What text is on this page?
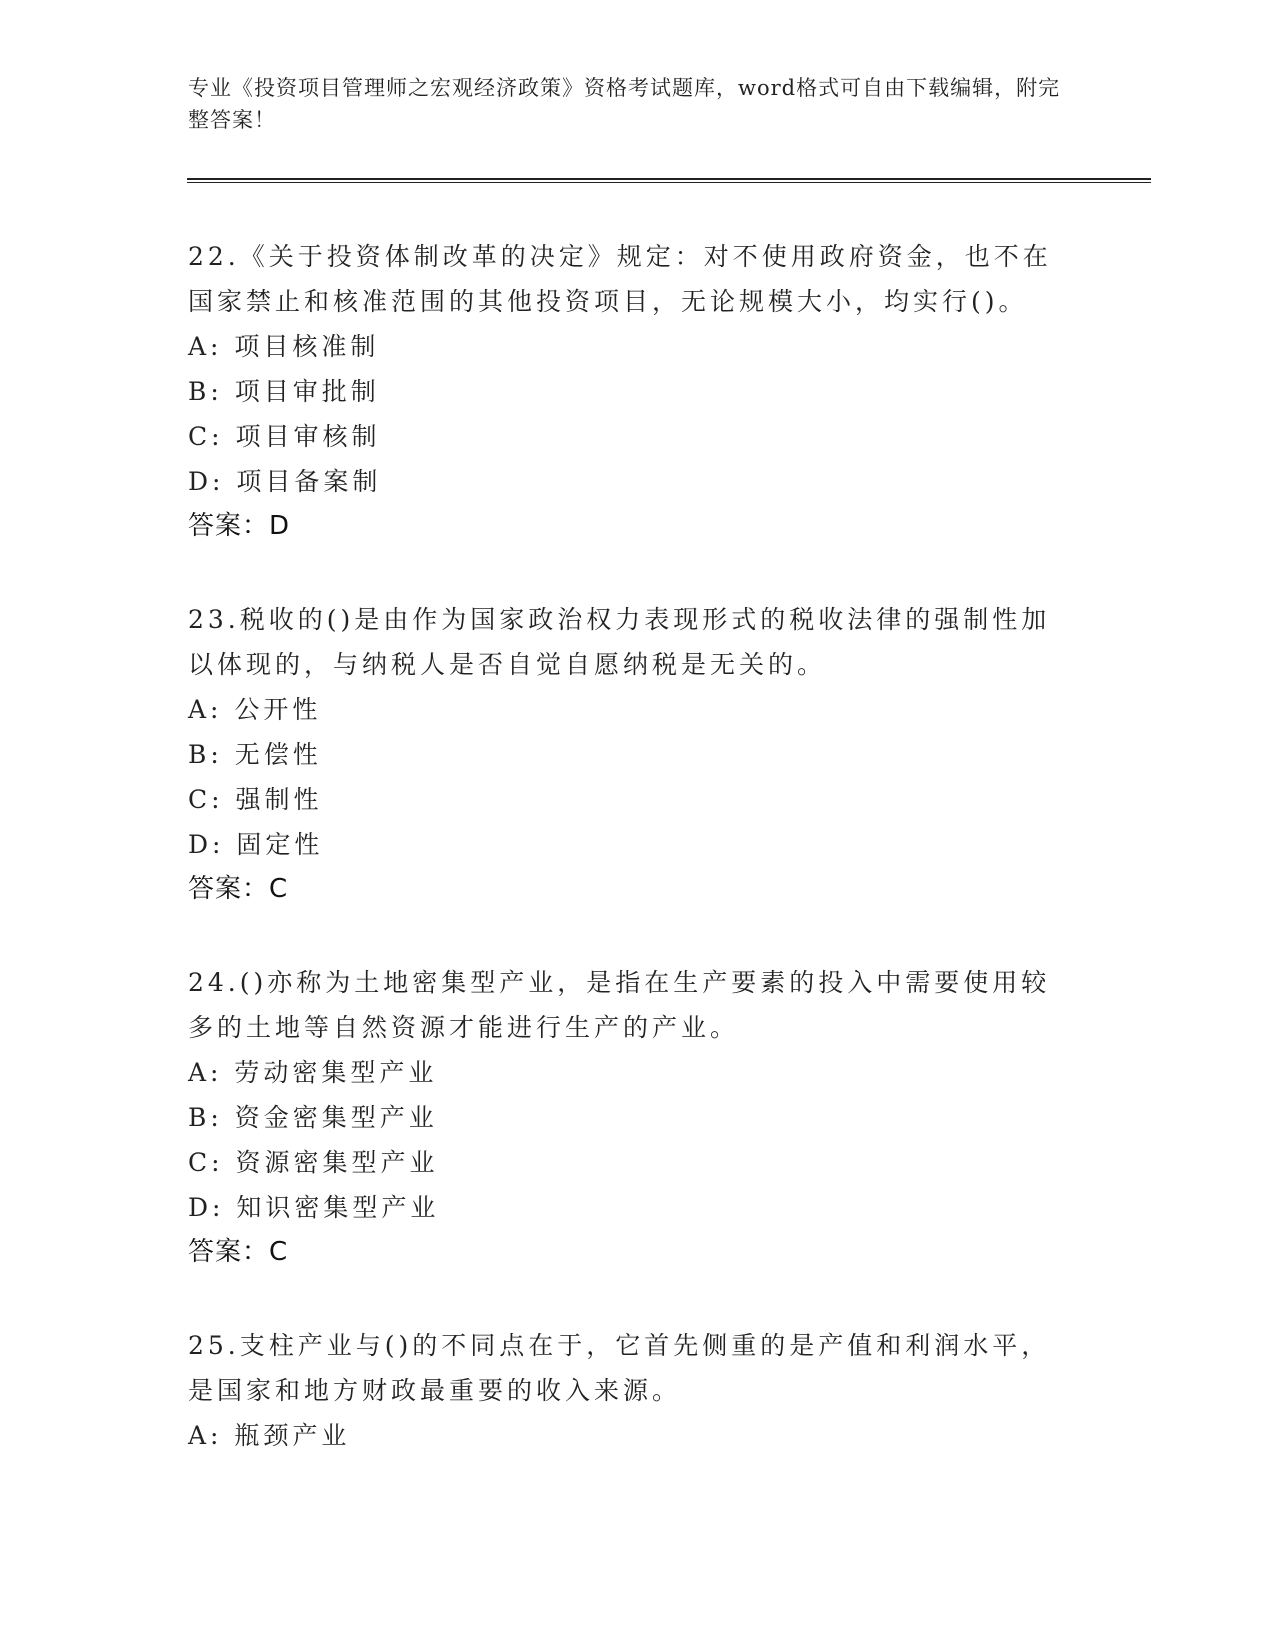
专业《投资项目管理师之宏观经济政策》资格考试题库，word格式可自由下载编辑，附完整答案！
22.《关于投资体制改革的决定》规定：对不使用政府资金，也不在国家禁止和核准范围的其他投资项目，无论规模大小，均实行()。
A: 项目核准制
B: 项目审批制
C: 项目审核制
D: 项目备案制
答案：D
23.税收的()是由作为国家政治权力表现形式的税收法律的强制性加以体现的，与纳税人是否自觉自愿纳税是无关的。
A: 公开性
B: 无偿性
C: 强制性
D: 固定性
答案：C
24.()亦称为土地密集型产业，是指在生产要素的投入中需要使用较多的土地等自然资源才能进行生产的产业。
A: 劳动密集型产业
B: 资金密集型产业
C: 资源密集型产业
D: 知识密集型产业
答案：C
25.支柱产业与()的不同点在于，它首先侧重的是产值和利润水平，是国家和地方财政最重要的收入来源。
A: 瓶颈产业
